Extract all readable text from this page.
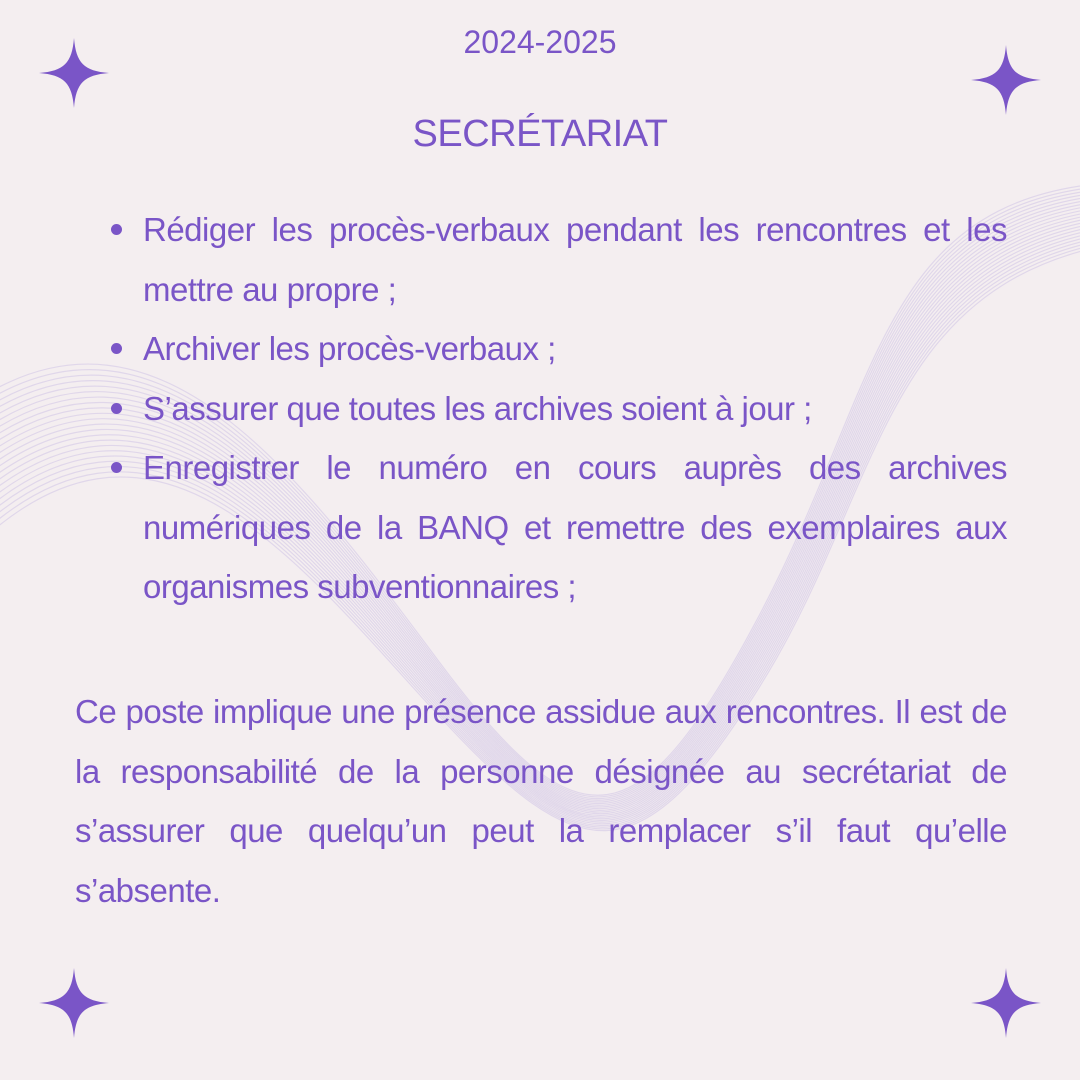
2024-2025
SECRÉTARIAT
Rédiger les procès-verbaux pendant les rencontres et les mettre au propre ;
Archiver les procès-verbaux ;
S’assurer que toutes les archives soient à jour ;
Enregistrer le numéro en cours auprès des archives numériques de la BANQ et remettre des exemplaires aux organismes subventionnaires ;

Ce poste implique une présence assidue aux rencontres. Il est de la responsabilité de la personne désignée au secrétariat de s’assurer que quelqu’un peut la remplacer s’il faut qu’elle s’absente.
